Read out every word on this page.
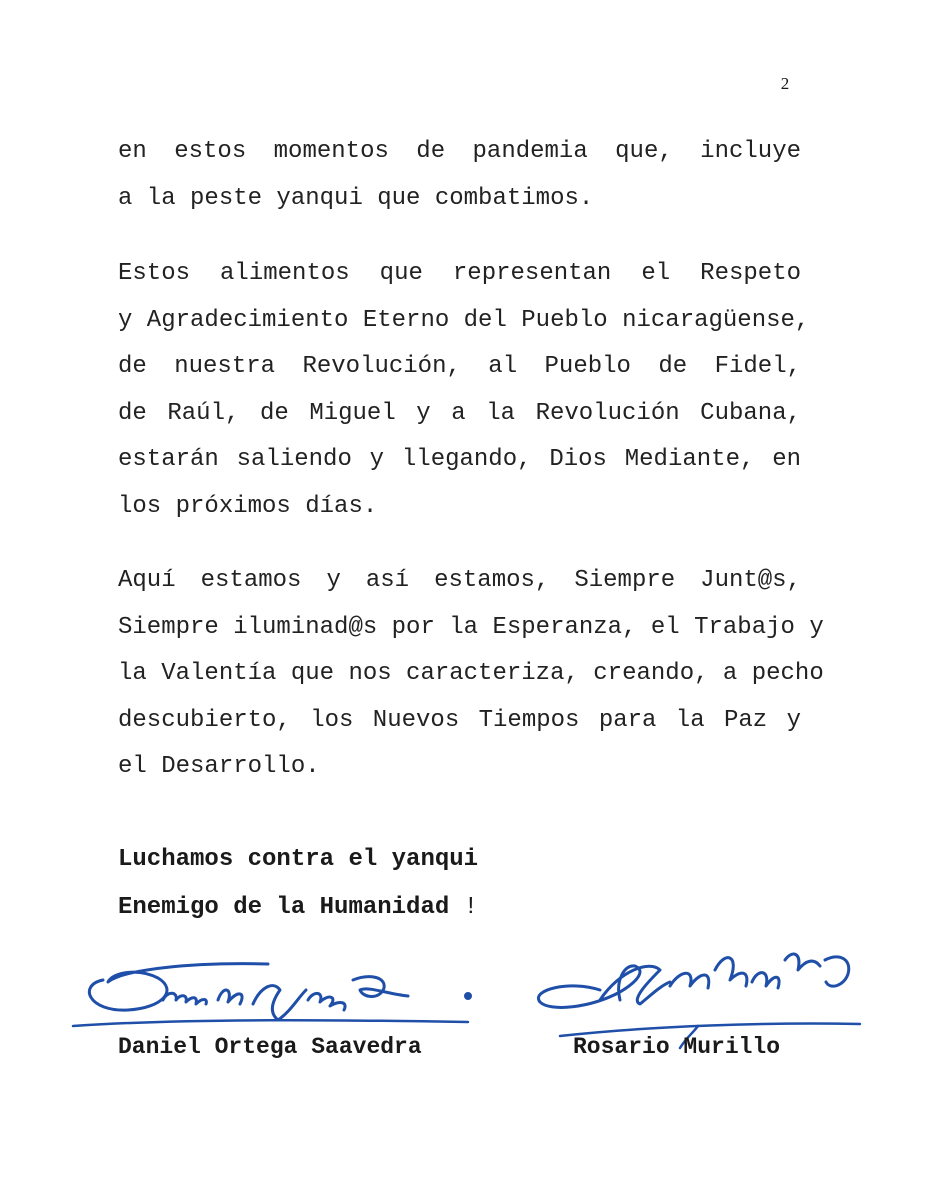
2

en estos momentos de pandemia que, incluye
a la peste yanqui que combatimos.

Estos alimentos que representan el Respeto
y Agradecimiento Eterno del Pueblo nicaragüense,
de nuestra Revolución, al Pueblo de Fidel,
de Raúl, de Miguel y a la Revolución Cubana,
estarán saliendo y llegando, Dios Mediante, en
los próximos días.

Aquí estamos y así estamos, Siempre Junt@s,
Siempre iluminad@s por la Esperanza, el Trabajo y
la Valentía que nos caracteriza, creando, a pecho
descubierto, los Nuevos Tiempos para la Paz y
el Desarrollo.

Luchamos contra el yanqui
Enemigo de la Humanidad !

Daniel Ortega Saavedra	Rosario Murillo
